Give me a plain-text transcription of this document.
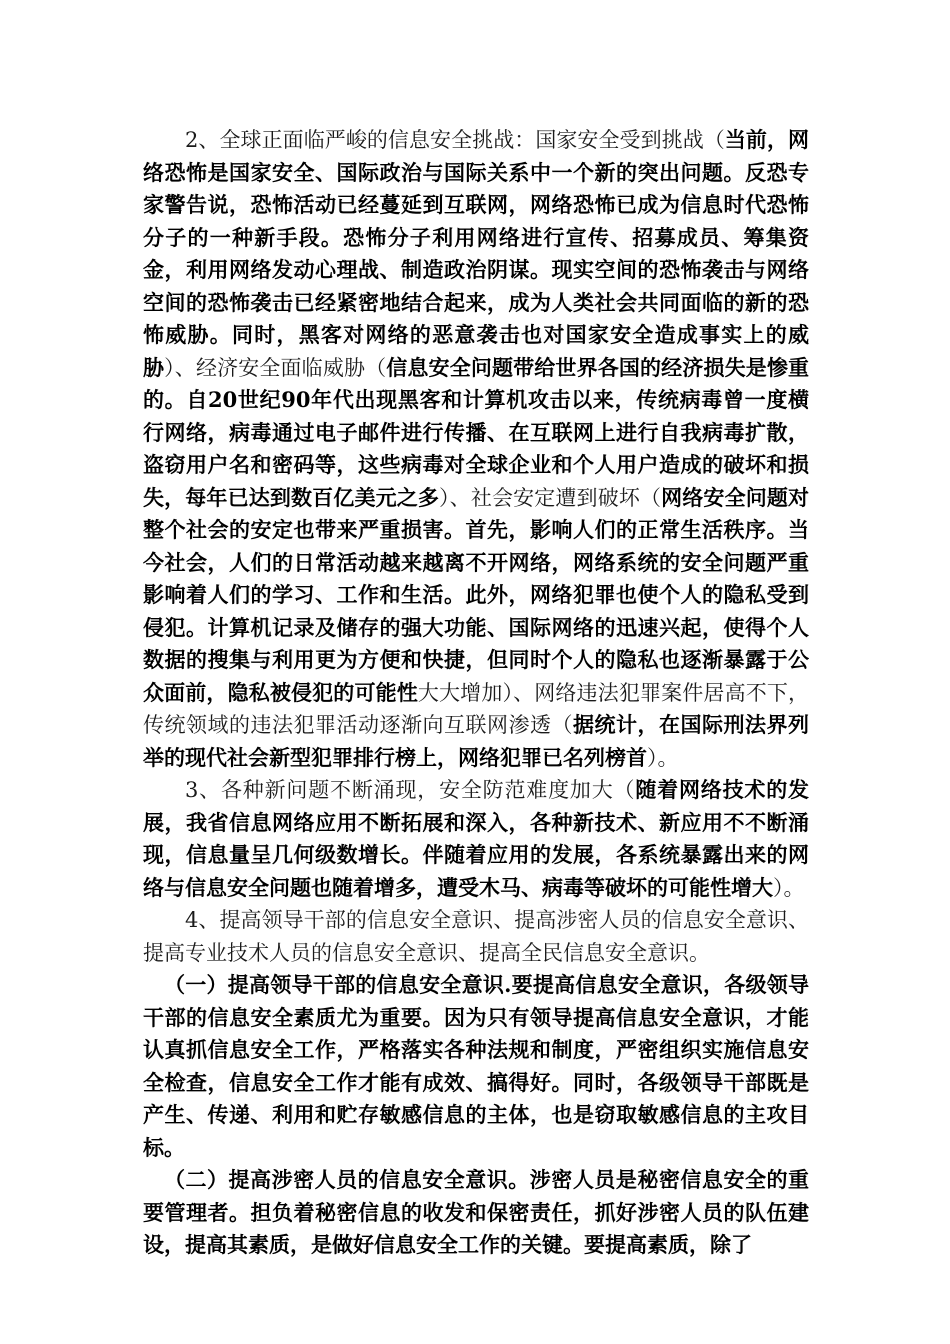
2、全球正面临严峻的信息安全挑战：国家安全受到挑战（当前，网络恐怖是国家安全、国际政治与国际关系中一个新的突出问题。反恐专家警告说，恐怖活动已经蔓延到互联网，网络恐怖已成为信息时代恐怖分子的一种新手段。恐怖分子利用网络进行宣传、招募成员、筹集资金，利用网络发动心理战、制造政治阴谋。现实空间的恐怖袭击与网络空间的恐怖袭击已经紧密地结合起来，成为人类社会共同面临的新的恐怖威胁。同时，黑客对网络的恶意袭击也对国家安全造成事实上的威胁）、经济安全面临威胁（信息安全问题带给世界各国的经济损失是惨重的。自20世纪90年代出现黑客和计算机攻击以来，传统病毒曾一度横行网络，病毒通过电子邮件进行传播、在互联网上进行自我病毒扩散，盗窃用户名和密码等，这些病毒对全球企业和个人用户造成的破坏和损失，每年已达到数百亿美元之多）、社会安定遭到破坏（网络安全问题对整个社会的安定也带来严重损害。首先，影响人们的正常生活秩序。当今社会，人们的日常活动越来越离不开网络，网络系统的安全问题严重影响着人们的学习、工作和生活。此外，网络犯罪也使个人的隐私受到侵犯。计算机记录及储存的强大功能、国际网络的迅速兴起，使得个人数据的搜集与利用更为方便和快捷，但同时个人的隐私也逐渐暴露于公众面前，隐私被侵犯的可能性大大增加）、网络违法犯罪案件居高不下，传统领域的违法犯罪活动逐渐向互联网渗透（据统计，在国际刑法界列举的现代社会新型犯罪排行榜上，网络犯罪已名列榜首）。

3、各种新问题不断涌现，安全防范难度加大（随着网络技术的发展，我省信息网络应用不断拓展和深入，各种新技术、新应用不不断涌现，信息量呈几何级数增长。伴随着应用的发展，各系统暴露出来的网络与信息安全问题也随着增多，遭受木马、病毒等破坏的可能性增大）。

4、提高领导干部的信息安全意识、提高涉密人员的信息安全意识、提高专业技术人员的信息安全意识、提高全民信息安全意识。

（一）提高领导干部的信息安全意识.要提高信息安全意识，各级领导干部的信息安全素质尤为重要。因为只有领导提高信息安全意识，才能认真抓信息安全工作，严格落实各种法规和制度，严密组织实施信息安全检查，信息安全工作才能有成效、搞得好。同时，各级领导干部既是产生、传递、利用和贮存敏感信息的主体，也是窃取敏感信息的主攻目标。

（二）提高涉密人员的信息安全意识。涉密人员是秘密信息安全的重要管理者。担负着秘密信息的收发和保密责任，抓好涉密人员的队伍建设，提高其素质，是做好信息安全工作的关键。要提高素质，除了
